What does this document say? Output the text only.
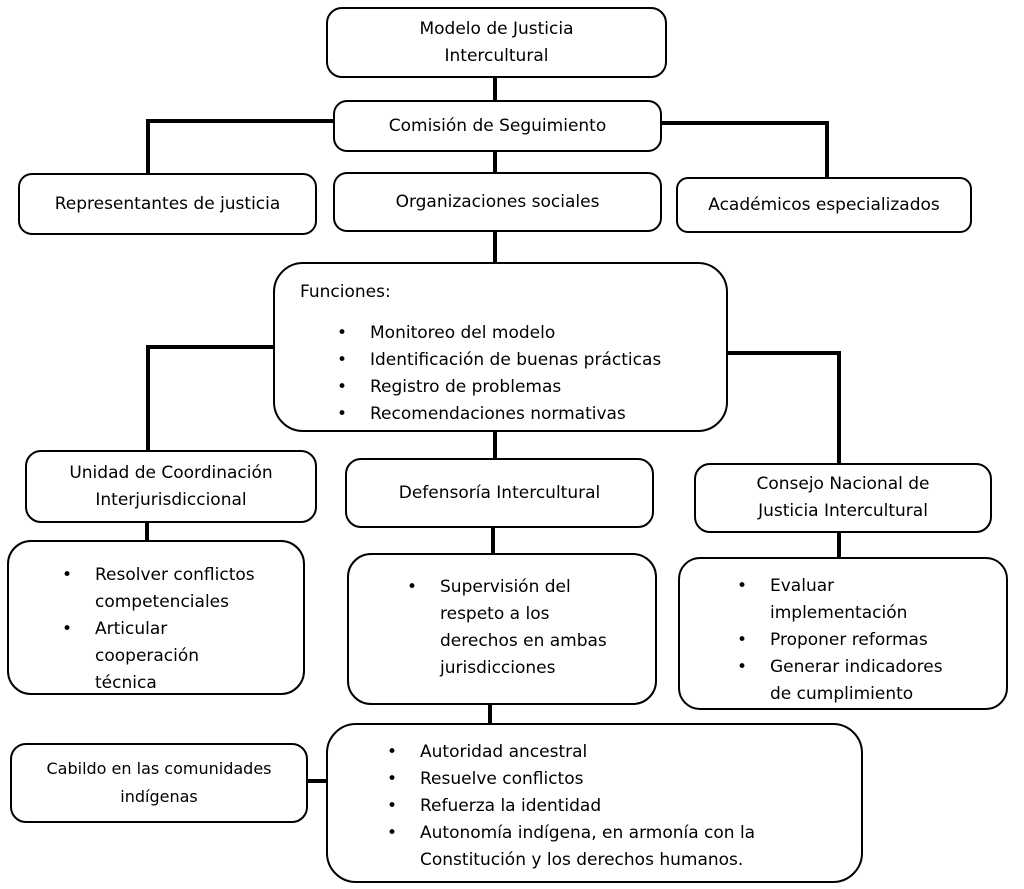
Modelo de Justicia
Intercultural
Comisión de Seguimiento
Representantes de justicia	Organizaciones sociales	Académicos especializados
Funciones:
• Monitoreo del modelo
• Identificación de buenas prácticas
• Registro de problemas
• Recomendaciones normativas
Unidad de Coordinación
Interjurisdiccional	Defensoría Intercultural	Consejo Nacional de
Justicia Intercultural
• Resolver conflictos
competenciales
• Articular
cooperación
técnica
• Supervisión del
respeto a los
derechos en ambas
jurisdicciones
• Evaluar
implementación
• Proponer reformas
• Generar indicadores
de cumplimiento
Cabildo en las comunidades
indígenas
• Autoridad ancestral
• Resuelve conflictos
• Refuerza la identidad
• Autonomía indígena, en armonía con la
Constitución y los derechos humanos.
